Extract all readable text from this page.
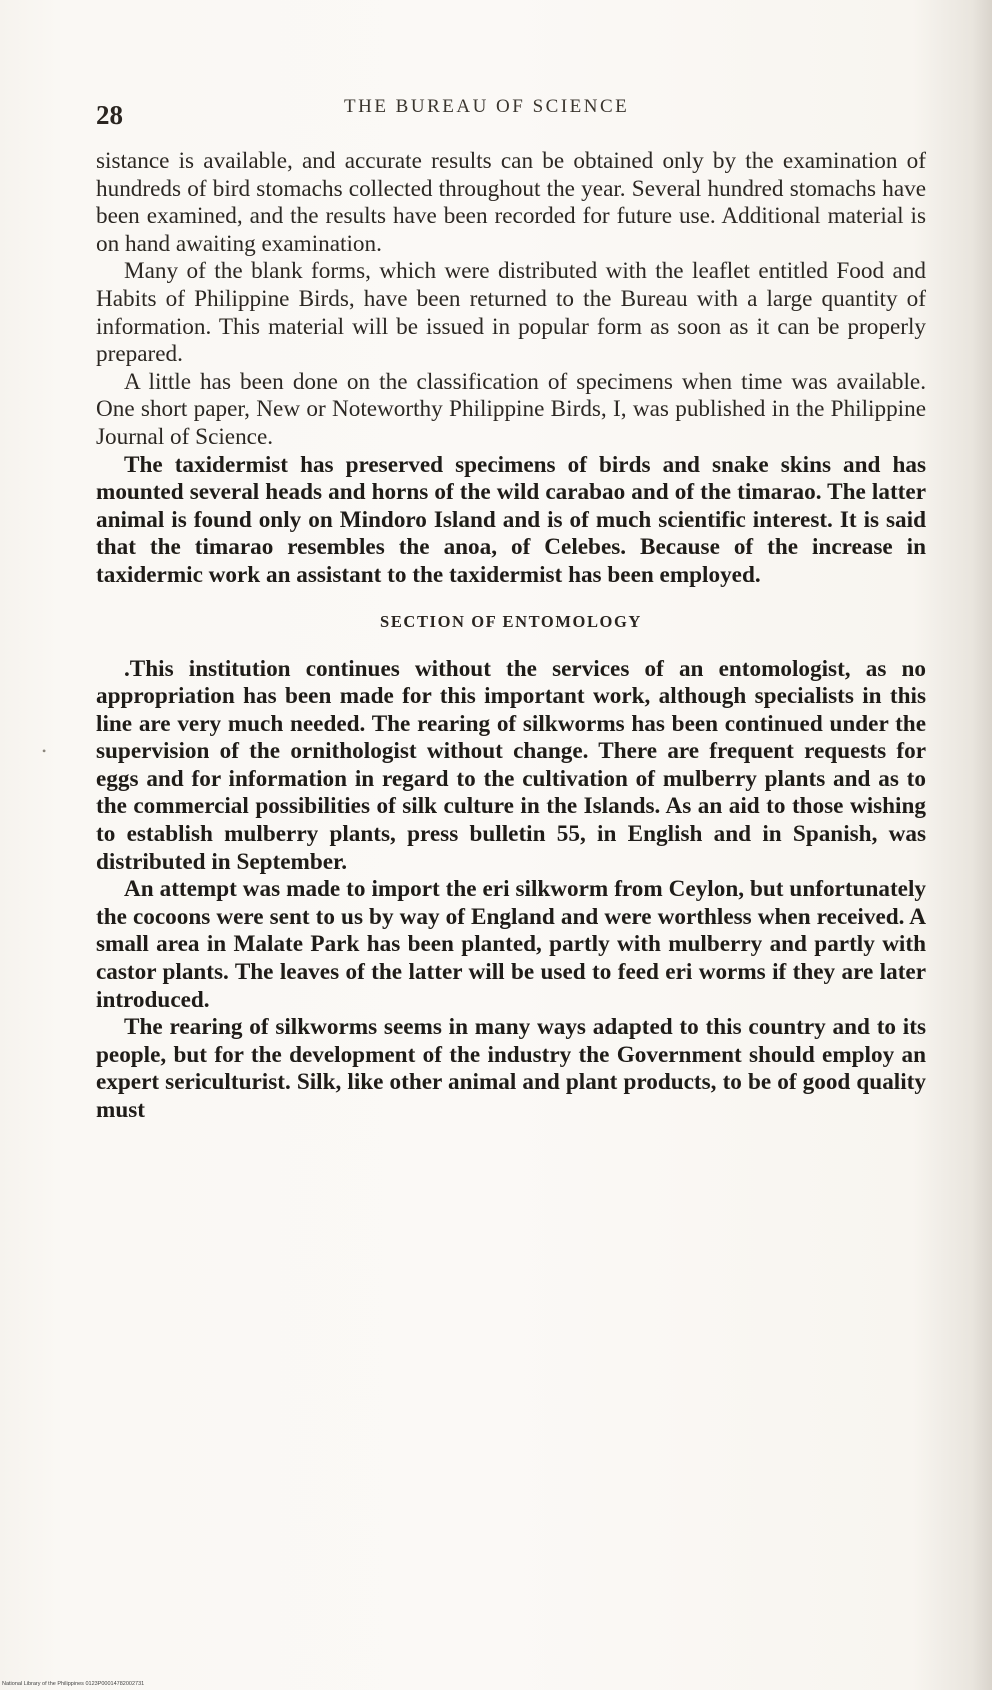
28	THE BUREAU OF SCIENCE
•

sistance is available, and accurate results can be obtained only by the examination of hundreds of bird stomachs collected throughout the year. Several hundred stomachs have been examined, and the results have been recorded for future use. Additional material is on hand awaiting examination.

Many of the blank forms, which were distributed with the leaflet entitled Food and Habits of Philippine Birds, have been returned to the Bureau with a large quantity of information. This material will be issued in popular form as soon as it can be properly prepared.

A little has been done on the classification of specimens when time was available. One short paper, New or Noteworthy Philippine Birds, I, was published in the Philippine Journal of Science.

The taxidermist has preserved specimens of birds and snake skins and has mounted several heads and horns of the wild carabao and of the timarao. The latter animal is found only on Mindoro Island and is of much scientific interest. It is said that the timarao resembles the anoa, of Celebes. Because of the increase in taxidermic work an assistant to the taxidermist has been employed.

SECTION OF ENTOMOLOGY

.This institution continues without the services of an entomologist, as no appropriation has been made for this important work, although specialists in this line are very much needed. The rearing of silkworms has been continued under the supervision of the ornithologist without change. There are frequent requests for eggs and for information in regard to the cultivation of mulberry plants and as to the commercial possibilities of silk culture in the Islands. As an aid to those wishing to establish mulberry plants, press bulletin 55, in English and in Spanish, was distributed in September.

An attempt was made to import the eri silkworm from Ceylon, but unfortunately the cocoons were sent to us by way of England and were worthless when received. A small area in Malate Park has been planted, partly with mulberry and partly with castor plants. The leaves of the latter will be used to feed eri worms if they are later introduced.

The rearing of silkworms seems in many ways adapted to this country and to its people, but for the development of the industry the Government should employ an expert sericulturist. Silk, like other animal and plant products, to be of good quality must

National Library of the Philippines 0123P00014782002731
